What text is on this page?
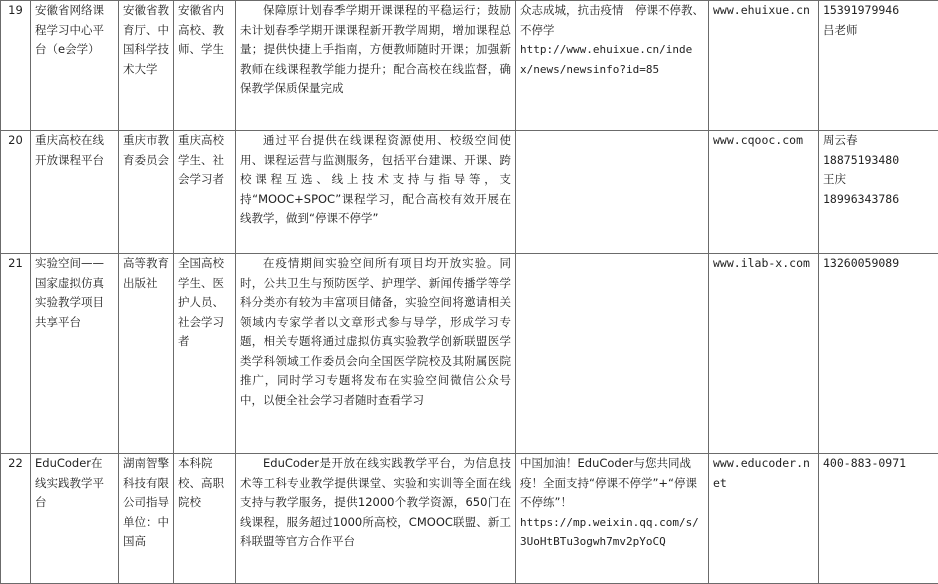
19	安徽省网络课程学习中心平台（e会学）	安徽省教育厅、中国科学技术大学	安徽省内高校、教师、学生	保障原计划春季学期开课课程的平稳运行；鼓励未计划春季学期开课课程新开教学周期，增加课程总量；提供快捷上手指南，方便教师随时开课；加强新教师在线课程教学能力提升；配合高校在线监督，确保教学保质保量完成	众志成城，抗击疫情　停课不停教、不停学
http://www.ehuixue.cn/index/news/newsinfo?id=85	www.ehuixue.cn	15391979946
吕老师

20	重庆高校在线开放课程平台	重庆市教育委员会	重庆高校学生、社会学习者	通过平台提供在线课程资源使用、校级空间使用、课程运营与监测服务，包括平台建课、开课、跨校课程互选、线上技术支持与指导等，支持“MOOC+SPOC”课程学习，配合高校有效开展在线教学，做到“停课不停学”		www.cqooc.com	周云春
18875193480
王庆
18996343786

21	实验空间——国家虚拟仿真实验教学项目共享平台	高等教育出版社	全国高校学生、医护人员、社会学习者	在疫情期间实验空间所有项目均开放实验。同时，公共卫生与预防医学、护理学、新闻传播学等学科分类亦有较为丰富项目储备，实验空间将邀请相关领域内专家学者以文章形式参与导学，形成学习专题，相关专题将通过虚拟仿真实验教学创新联盟医学类学科领域工作委员会向全国医学院校及其附属医院推广，同时学习专题将发布在实验空间微信公众号中，以便全社会学习者随时查看学习		www.ilab-x.com	13260059089

22	EduCoder在线实践教学平台	湖南智擎科技有限公司指导单位：中国高	本科院校、高职院校	EduCoder是开放在线实践教学平台，为信息技术等工科专业教学提供课堂、实验和实训等全面在线支持与教学服务，提供12000个教学资源，650门在线课程，服务超过1000所高校，CMOOC联盟、新工科联盟等官方合作平台	中国加油！EduCoder与您共同战疫！全面支持“停课不停学”+“停课不停练”！
https://mp.weixin.qq.com/s/3UoHtBTu3ogwh7mv2pYoCQ	www.educoder.net	400-883-0971
